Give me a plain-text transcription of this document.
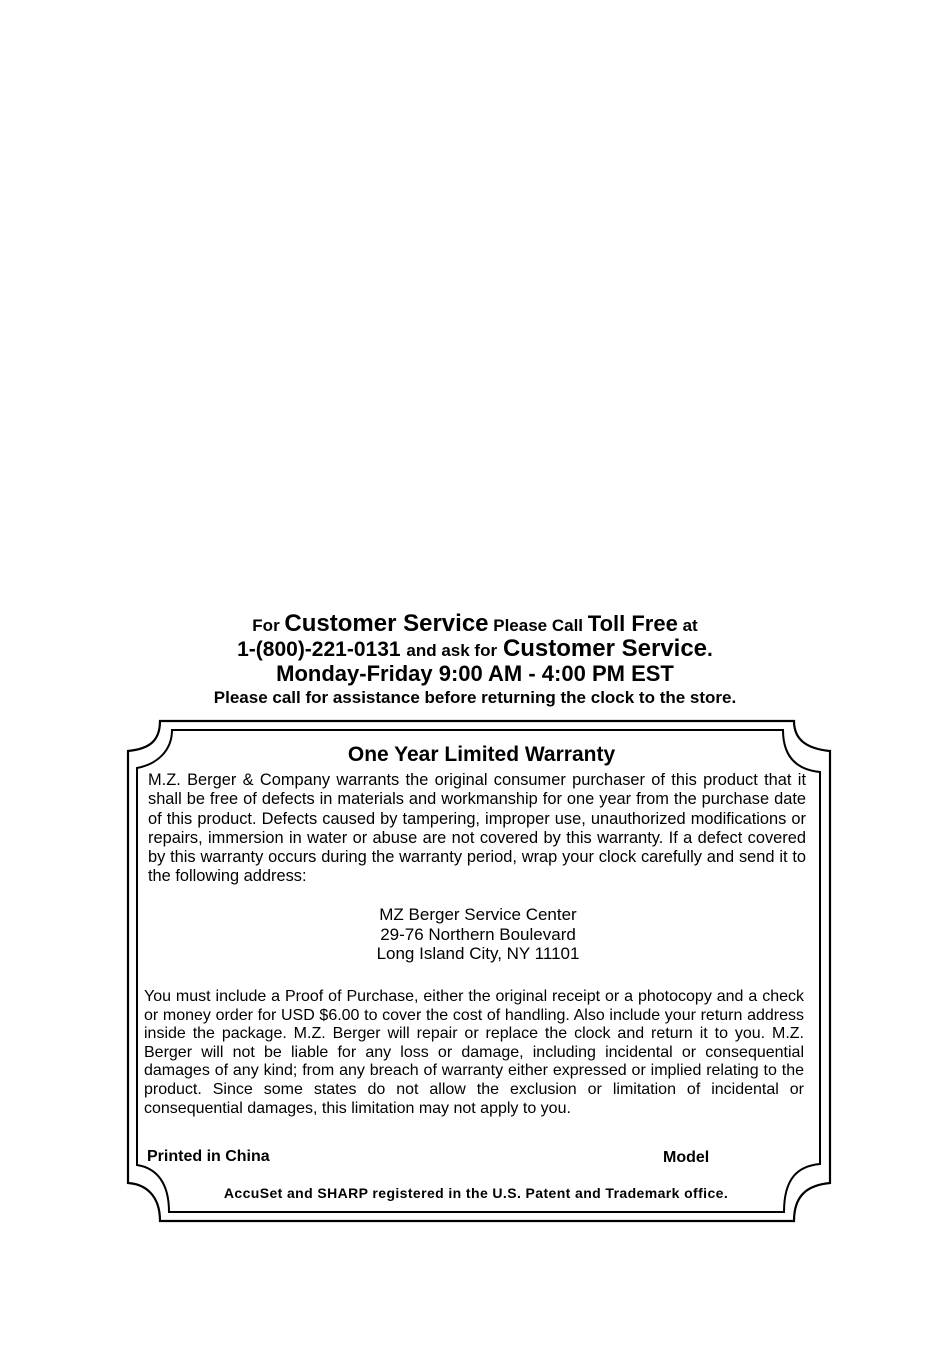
For Customer Service Please Call Toll Free at
1-(800)-221-0131 and ask for Customer Service.
Monday-Friday 9:00 AM - 4:00 PM EST
Please call for assistance before returning the clock to the store.
One Year Limited Warranty
M.Z. Berger & Company warrants the original consumer purchaser of this product that it shall be free of defects in materials and workmanship for one year from the purchase date of this product. Defects caused by tampering, improper use, unauthorized modifications or repairs, immersion in water or abuse are not covered by this warranty. If a defect covered by this warranty occurs during the warranty period, wrap your clock carefully and send it to the following address:
MZ Berger Service Center
29-76 Northern Boulevard
Long Island City, NY 11101
You must include a Proof of Purchase, either the original receipt or a photocopy and a check or money order for USD $6.00 to cover the cost of handling. Also include your return address inside the package. M.Z. Berger will repair or replace the clock and return it to you. M.Z. Berger will not be liable for any loss or damage, including incidental or consequential damages of any kind; from any breach of warranty either expressed or implied relating to the product. Since some states do not allow the exclusion or limitation of incidental or consequential damages, this limitation may not apply to you.
Printed in China	Model
AccuSet and SHARP registered in the U.S. Patent and Trademark office.
